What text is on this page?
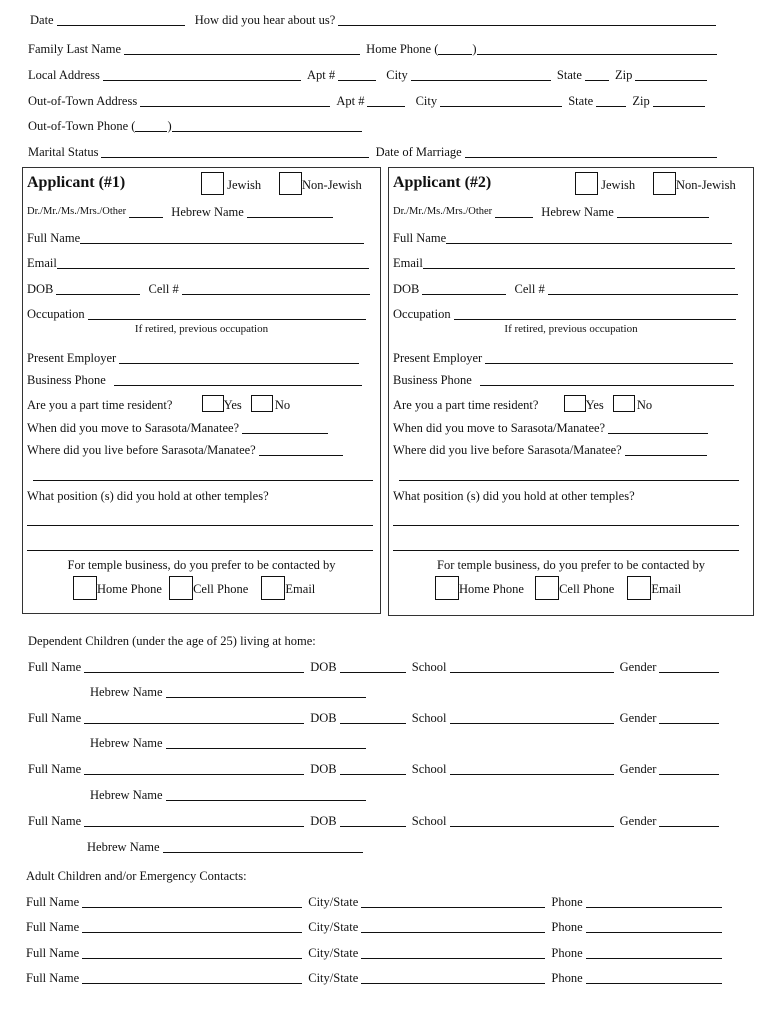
Date	How did you hear about us?
Family Last Name	Home Phone (	)
Local Address	Apt #	City	State	Zip
Out-of-Town Address	Apt #	City	State	Zip
Out-of-Town Phone (	)
Marital Status	Date of Marriage
Applicant (#1)	Jewish	Non-Jewish
Dr./Mr./Ms./Mrs./Other	Hebrew Name
Full Name
Email
DOB	Cell #
Occupation
If retired, previous occupation
Present Employer
Business Phone
Are you a part time resident?	Yes	No
When did you move to Sarasota/Manatee?
Where did you live before Sarasota/Manatee?
What position (s) did you hold at other temples?
For temple business, do you prefer to be contacted by
Home Phone Cell Phone	Email
Applicant (#2)	Jewish	Non-Jewish
Dr./Mr./Ms./Mrs./Other	Hebrew Name
Full Name
Email
DOB	Cell #
Occupation
If retired, previous occupation
Present Employer
Business Phone
Are you a part time resident?	Yes	No
When did you move to Sarasota/Manatee?
Where did you live before Sarasota/Manatee?
What position (s) did you hold at other temples?
For temple business, do you prefer to be contacted by
Home Phone	Cell Phone	Email
Dependent Children (under the age of 25) living at home:
Full Name	DOB	School	Gender
Hebrew Name
Full Name	DOB	School	Gender
Hebrew Name
Full Name	DOB	School	Gender
Hebrew Name
Full Name	DOB	School	Gender
Hebrew Name
Adult Children and/or Emergency Contacts:
Full Name	City/State	Phone
Full Name	City/State	Phone
Full Name	City/State	Phone
Full Name	City/State	Phone
